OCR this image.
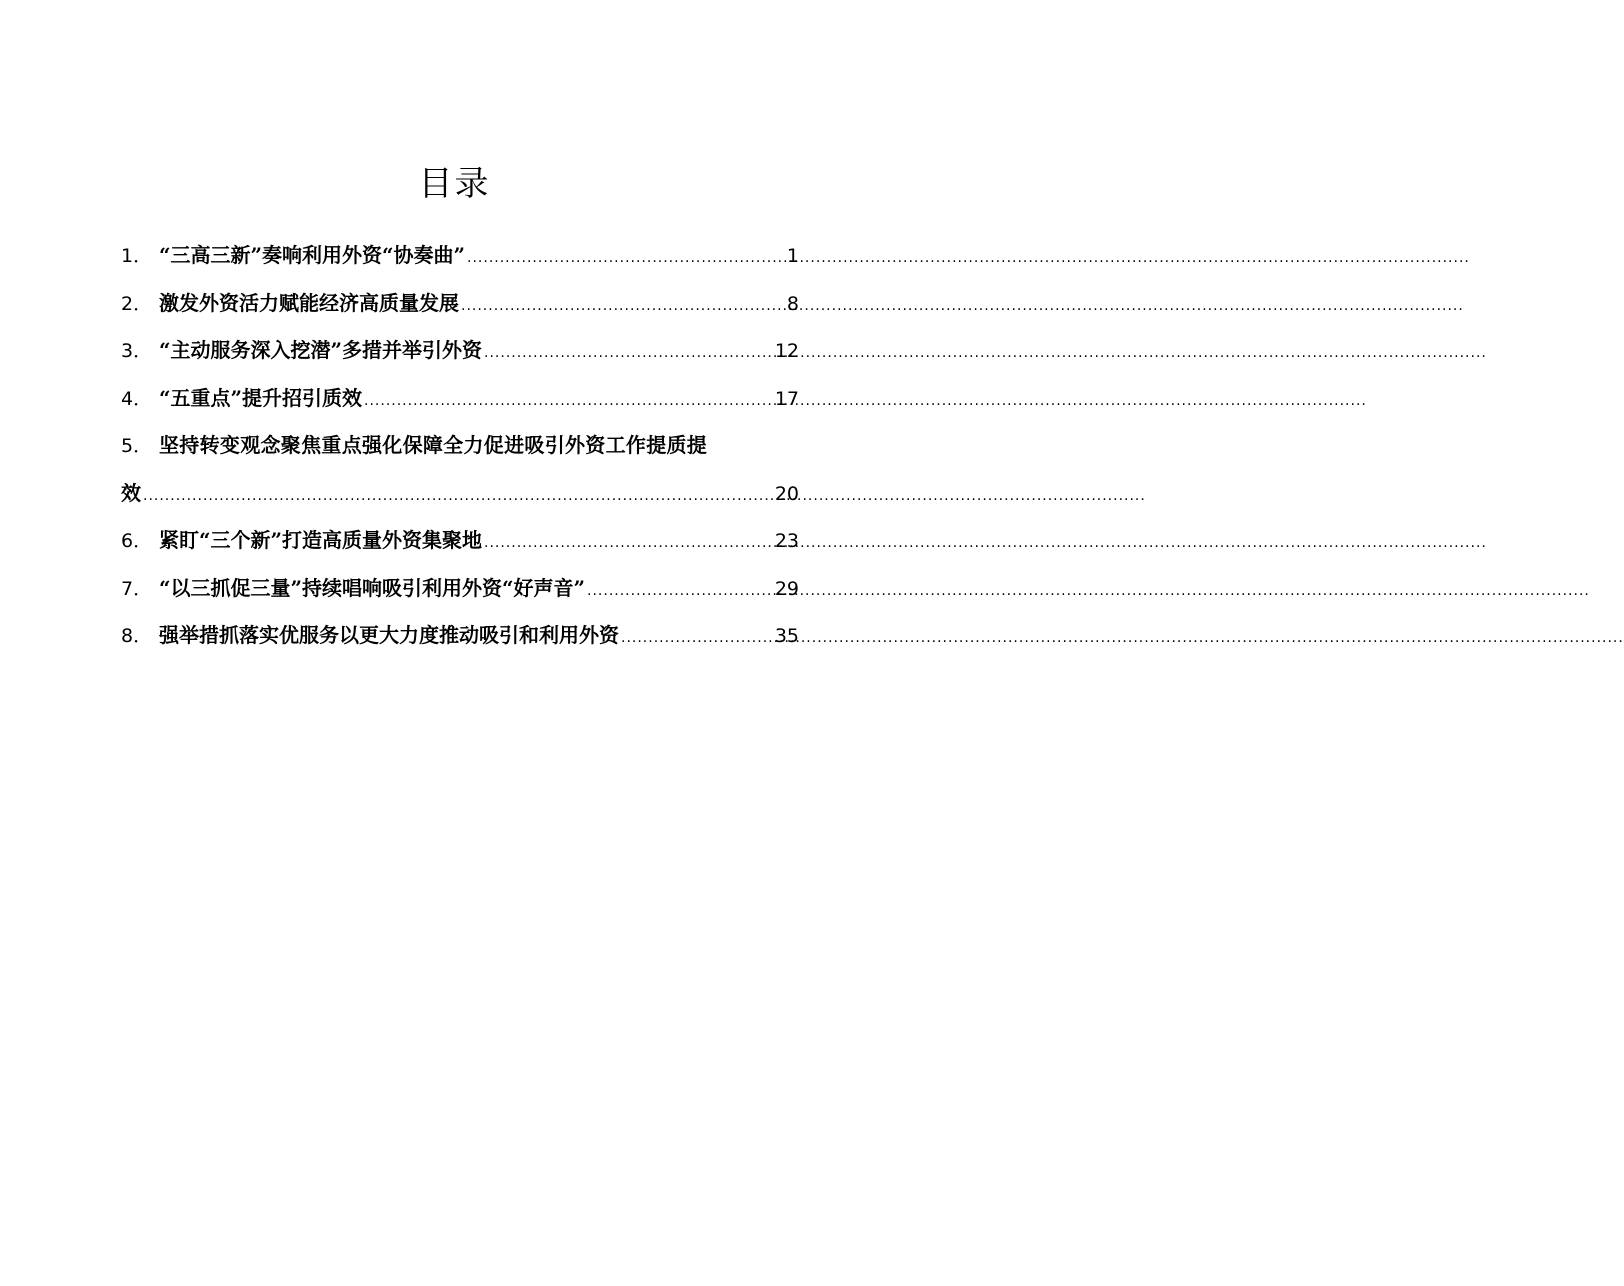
目录
1． “三高三新”奏响利用外资“协奏曲” .....	1
2． 激发外资活力赋能经济高质量发展 .....	8
3． “主动服务深入挖潜”多措并举引外资 .....	12
4． “五重点”提升招引质效 .....	17
5． 坚持转变观念聚焦重点强化保障全力促进吸引外资工作提质提
效 .....	20
6． 紧盯“三个新”打造高质量外资集聚地 .....	23
7． “以三抓促三量”持续唱响吸引利用外资“好声音” .....	29
8． 强举措抓落实优服务以更大力度推动吸引和利用外资 .....	35
